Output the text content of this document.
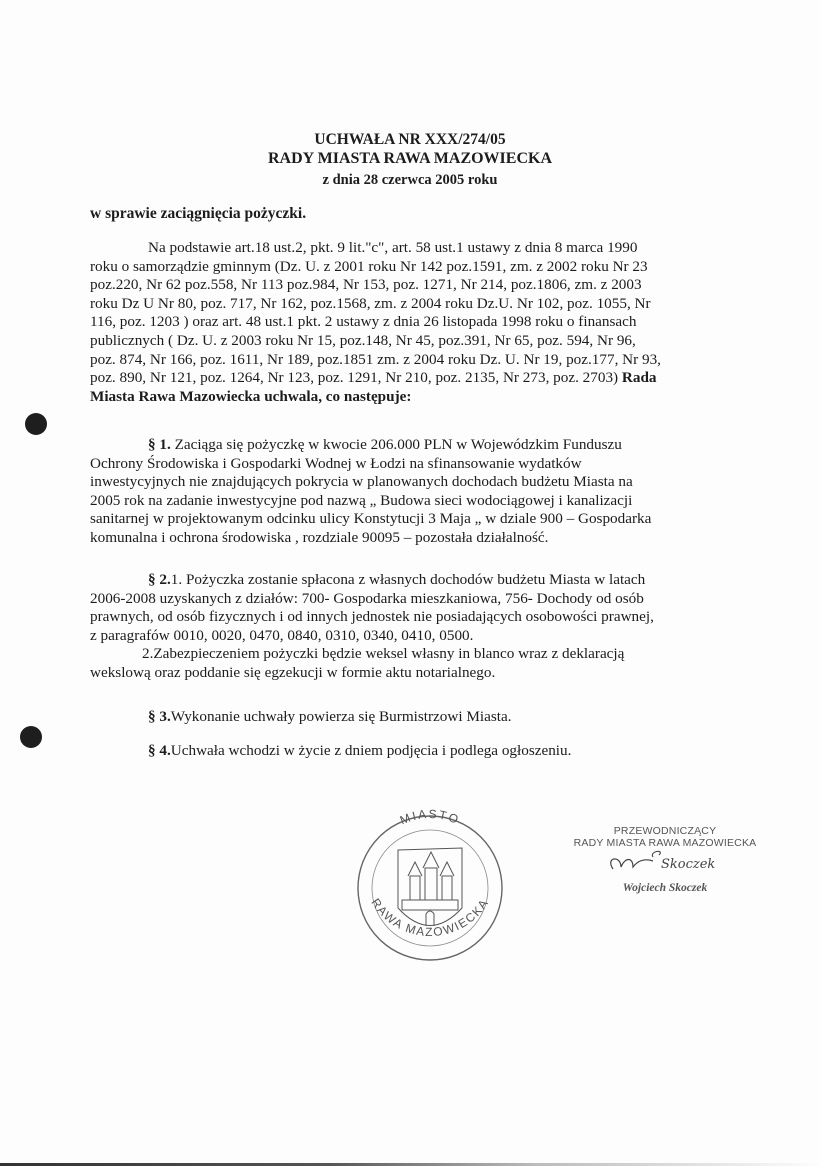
UCHWAŁA NR XXX/274/05
RADY MIASTA RAWA MAZOWIECKA
z dnia 28 czerwca 2005 roku
w sprawie zaciągnięcia pożyczki.
Na podstawie art.18 ust.2, pkt. 9 lit."c", art. 58 ust.1 ustawy z dnia 8 marca 1990
roku o samorządzie gminnym (Dz. U. z 2001 roku Nr 142 poz.1591, zm. z 2002 roku Nr 23
poz.220, Nr 62 poz.558, Nr 113 poz.984, Nr 153, poz. 1271, Nr 214, poz.1806, zm. z 2003
roku Dz U Nr 80, poz. 717, Nr 162, poz.1568, zm. z 2004 roku Dz.U. Nr 102, poz. 1055, Nr
116, poz. 1203 ) oraz art. 48 ust.1 pkt. 2 ustawy z dnia 26 listopada 1998 roku o finansach
publicznych ( Dz. U. z 2003 roku Nr 15, poz.148, Nr 45, poz.391, Nr 65, poz. 594, Nr 96,
poz. 874, Nr 166, poz. 1611, Nr 189, poz.1851 zm. z 2004 roku Dz. U. Nr 19, poz.177, Nr 93,
poz. 890, Nr 121, poz. 1264, Nr 123, poz. 1291, Nr 210, poz. 2135, Nr 273, poz. 2703) Rada
Miasta Rawa Mazowiecka uchwala, co następuje:
§ 1. Zaciąga się pożyczkę w kwocie 206.000 PLN w Wojewódzkim Funduszu
Ochrony Środowiska i Gospodarki Wodnej w Łodzi na sfinansowanie wydatków
inwestycyjnych nie znajdujących pokrycia w planowanych dochodach budżetu Miasta na
2005 rok na zadanie inwestycyjne pod nazwą „ Budowa sieci wodociągowej i kanalizacji
sanitarnej w projektowanym odcinku ulicy Konstytucji 3 Maja „ w dziale 900 – Gospodarka
komunalna i ochrona środowiska , rozdziale 90095 – pozostała działalność.
§ 2.1. Pożyczka zostanie spłacona z własnych dochodów budżetu Miasta w latach
2006-2008 uzyskanych z działów: 700- Gospodarka mieszkaniowa, 756- Dochody od osób
prawnych, od osób fizycznych i od innych jednostek nie posiadających osobowości prawnej,
z paragrafów 0010, 0020, 0470, 0840, 0310, 0340, 0410, 0500.
2.Zabezpieczeniem pożyczki będzie weksel własny in blanco wraz z deklaracją
wekslową oraz poddanie się egzekucji w formie aktu notarialnego.
§ 3.Wykonanie uchwały powierza się Burmistrzowi Miasta.
§ 4.Uchwała wchodzi w życie z dniem podjęcia i podlega ogłoszeniu.
MIASTO
RAWA MAZOWIECKA
PRZEWODNICZĄCY
RADY MIASTA RAWA MAZOWIECKA
Skoczek
Wojciech Skoczek
